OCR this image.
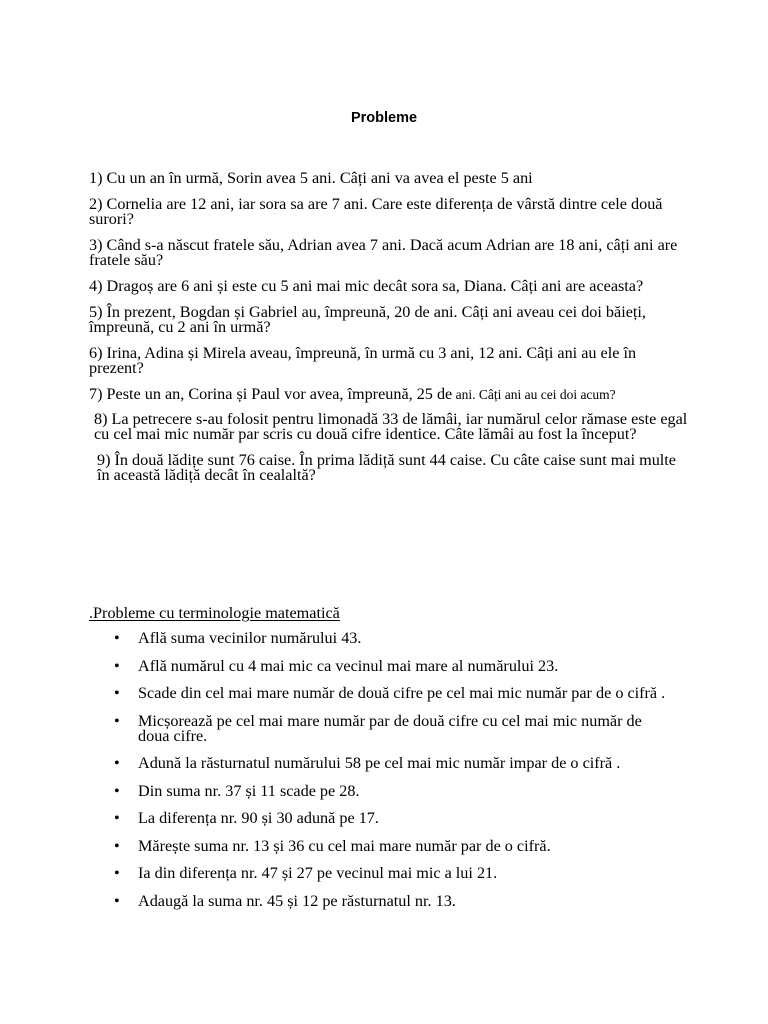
Probleme

1) Cu un an în urmă, Sorin avea 5 ani. Câți ani va avea el peste 5 ani

2) Cornelia are 12 ani, iar sora sa are 7 ani. Care este diferența de vârstă dintre cele două surori?

3) Când s-a născut fratele său, Adrian avea 7 ani. Dacă acum Adrian are 18 ani, câți ani are fratele său?

4) Dragoș are 6 ani și este cu 5 ani mai mic decât sora sa, Diana. Câți ani are aceasta?

5) În prezent, Bogdan și Gabriel au, împreună, 20 de ani. Câți ani aveau cei doi băieți, împreună, cu 2 ani în urmă?

6) Irina, Adina și Mirela aveau, împreună, în urmă cu 3 ani, 12 ani. Câți ani au ele în prezent?

7) Peste un an, Corina și Paul vor avea, împreună, 25 de ani. Câți ani au cei doi acum?

8) La petrecere s-au folosit pentru limonadă 33 de lămâi, iar numărul celor rămase este egal cu cel mai mic număr par scris cu două cifre identice. Câte lămâi au fost la început?

9) În două lădițe sunt 76 caise. În prima lădiță sunt 44 caise. Cu câte caise sunt mai multe în această lădiță decât în cealaltă?

.Probleme cu terminologie matematică
• Află suma vecinilor numărului 43.
• Află numărul cu 4 mai mic ca vecinul mai mare al numărului 23.
• Scade din cel mai mare număr de două cifre pe cel mai mic număr par de o cifră .
• Micșorează pe cel mai mare număr par de două cifre cu cel mai mic număr de doua cifre.
• Adună la răsturnatul numărului 58 pe cel mai mic număr impar de o cifră .
• Din suma nr. 37 și 11 scade pe 28.
• La diferența nr. 90 și 30 adună pe 17.
• Mărește suma nr. 13 și 36 cu cel mai mare număr par de o cifră.
• Ia din diferența nr. 47 și 27 pe vecinul mai mic a lui 21.
• Adaugă la suma nr. 45 și 12 pe răsturnatul nr. 13.
